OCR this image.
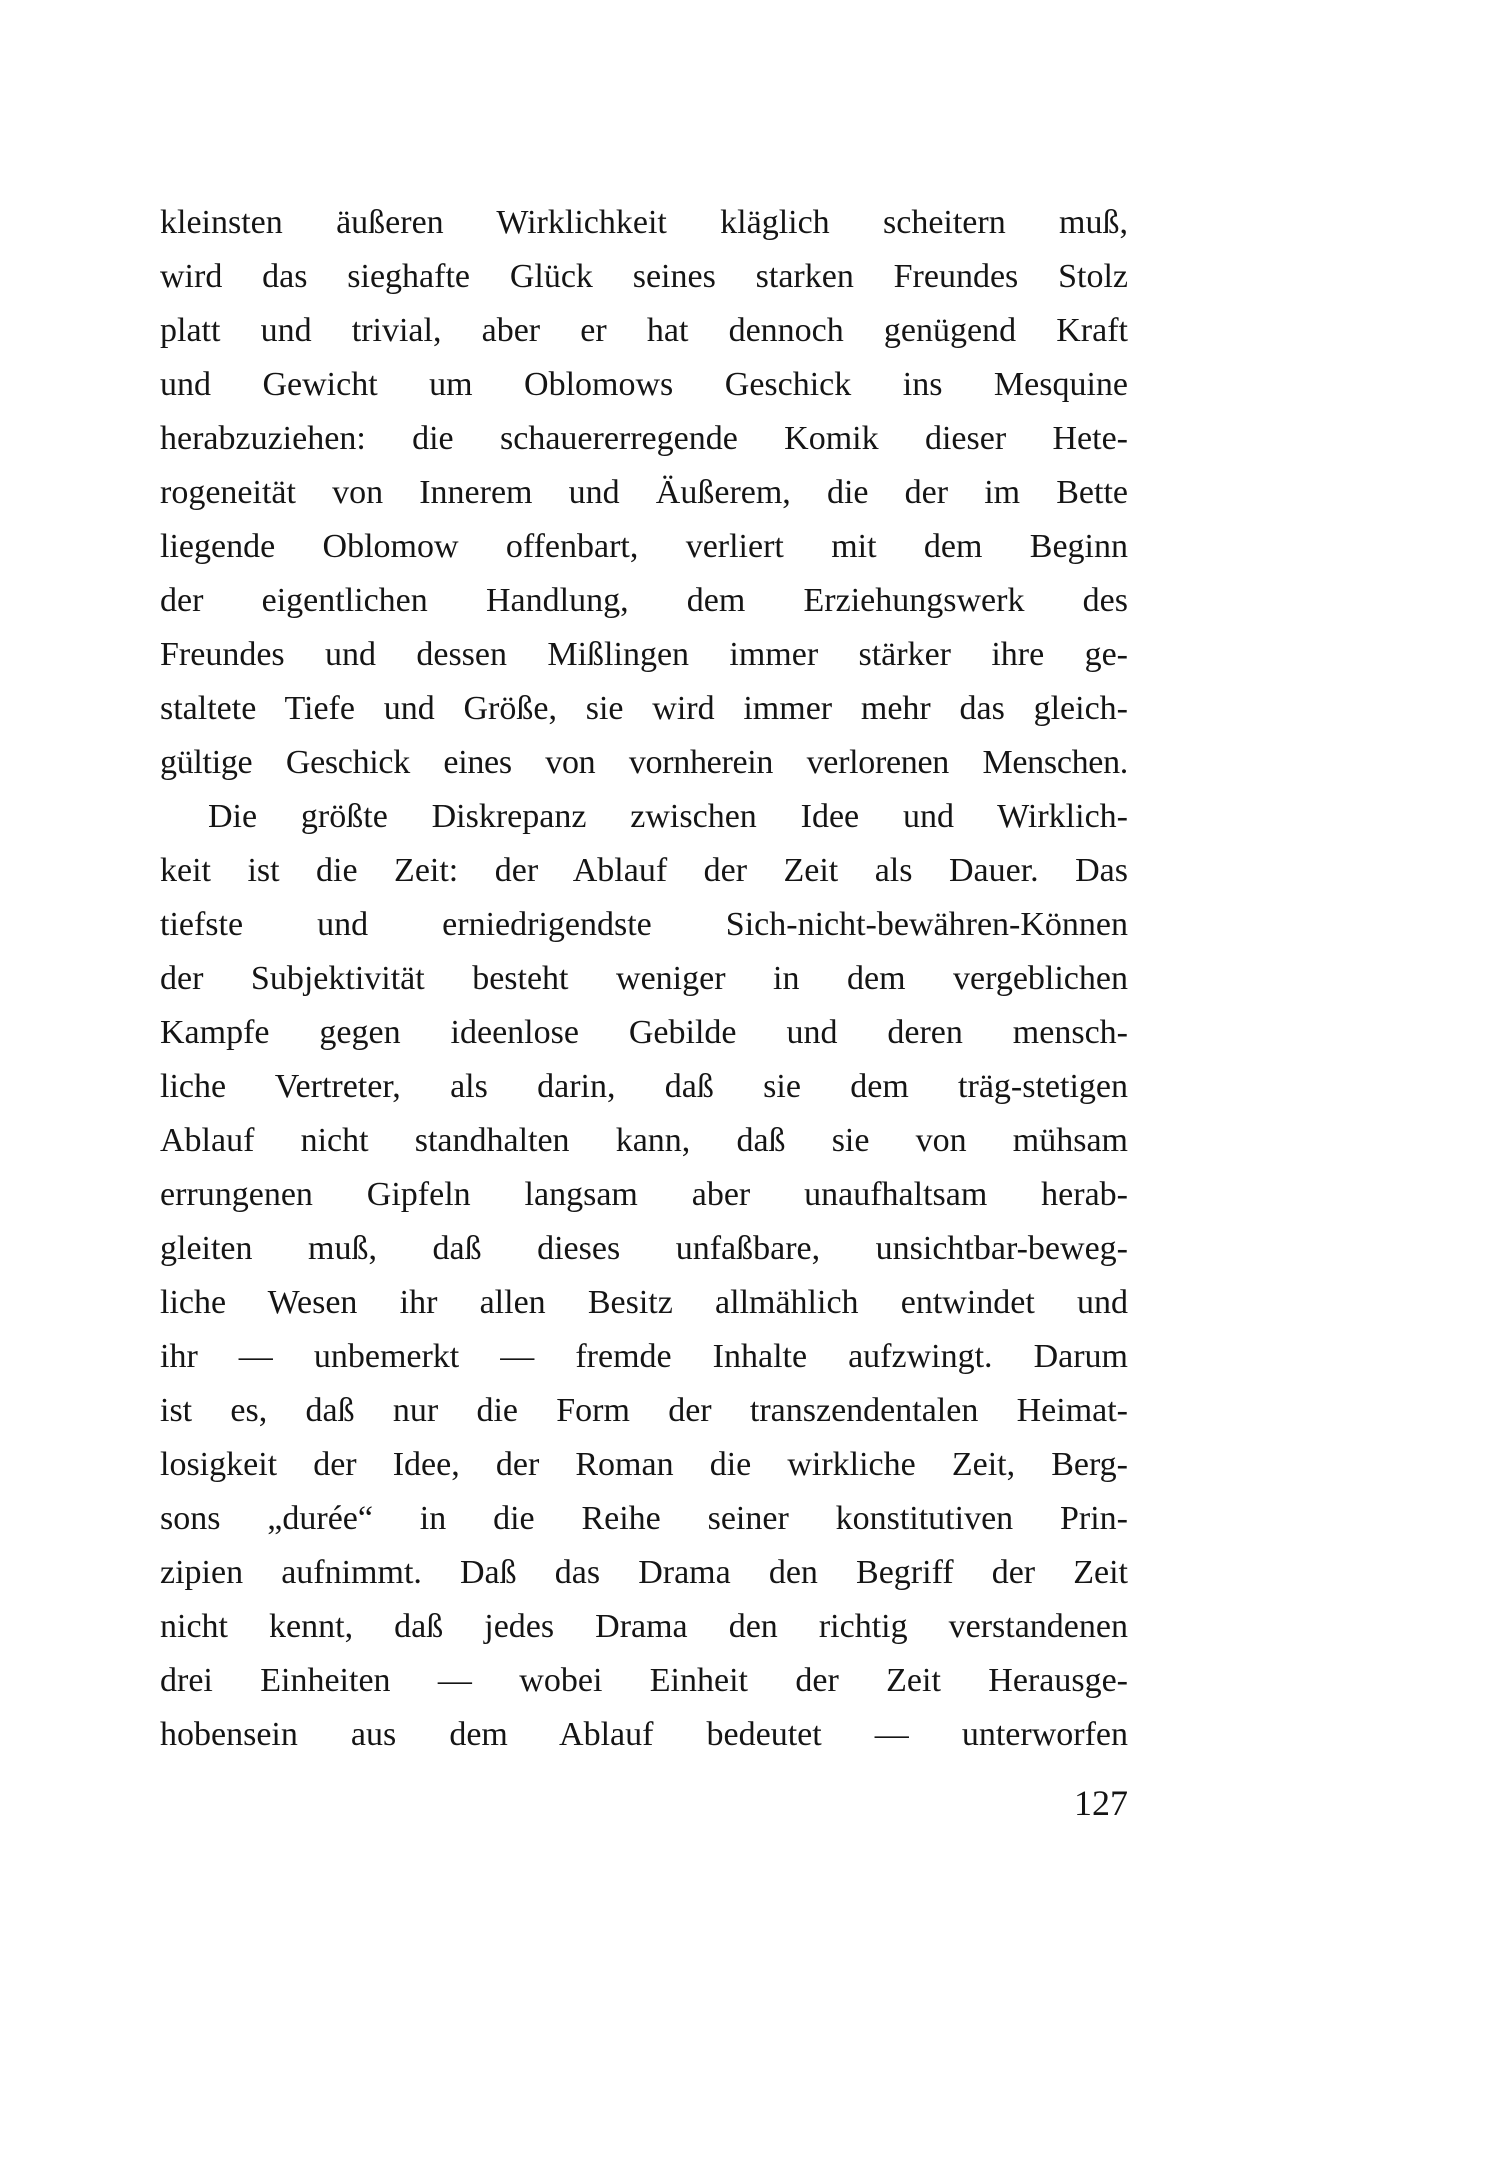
kleinsten äußeren Wirklichkeit kläglich scheitern muß,
wird das sieghafte Glück seines starken Freundes Stolz
platt und trivial, aber er hat dennoch genügend Kraft
und Gewicht um Oblomows Geschick ins Mesquine
herabzuziehen: die schauererregende Komik dieser Hete-
rogeneität von Innerem und Äußerem, die der im Bette
liegende Oblomow offenbart, verliert mit dem Beginn
der eigentlichen Handlung, dem Erziehungswerk des
Freundes und dessen Mißlingen immer stärker ihre ge-
staltete Tiefe und Größe, sie wird immer mehr das gleich-
gültige Geschick eines von vornherein verlorenen Menschen.
Die größte Diskrepanz zwischen Idee und Wirklich-
keit ist die Zeit: der Ablauf der Zeit als Dauer. Das
tiefste und erniedrigendste Sich-nicht-bewähren-Können
der Subjektivität besteht weniger in dem vergeblichen
Kampfe gegen ideenlose Gebilde und deren mensch-
liche Vertreter, als darin, daß sie dem träg-stetigen
Ablauf nicht standhalten kann, daß sie von mühsam
errungenen Gipfeln langsam aber unaufhaltsam herab-
gleiten muß, daß dieses unfaßbare, unsichtbar-beweg-
liche Wesen ihr allen Besitz allmählich entwindet und
ihr — unbemerkt — fremde Inhalte aufzwingt. Darum
ist es, daß nur die Form der transzendentalen Heimat-
losigkeit der Idee, der Roman die wirkliche Zeit, Berg-
sons „durée“ in die Reihe seiner konstitutiven Prin-
zipien aufnimmt. Daß das Drama den Begriff der Zeit
nicht kennt, daß jedes Drama den richtig verstandenen
drei Einheiten — wobei Einheit der Zeit Herausge-
hobensein aus dem Ablauf bedeutet — unterworfen
127
